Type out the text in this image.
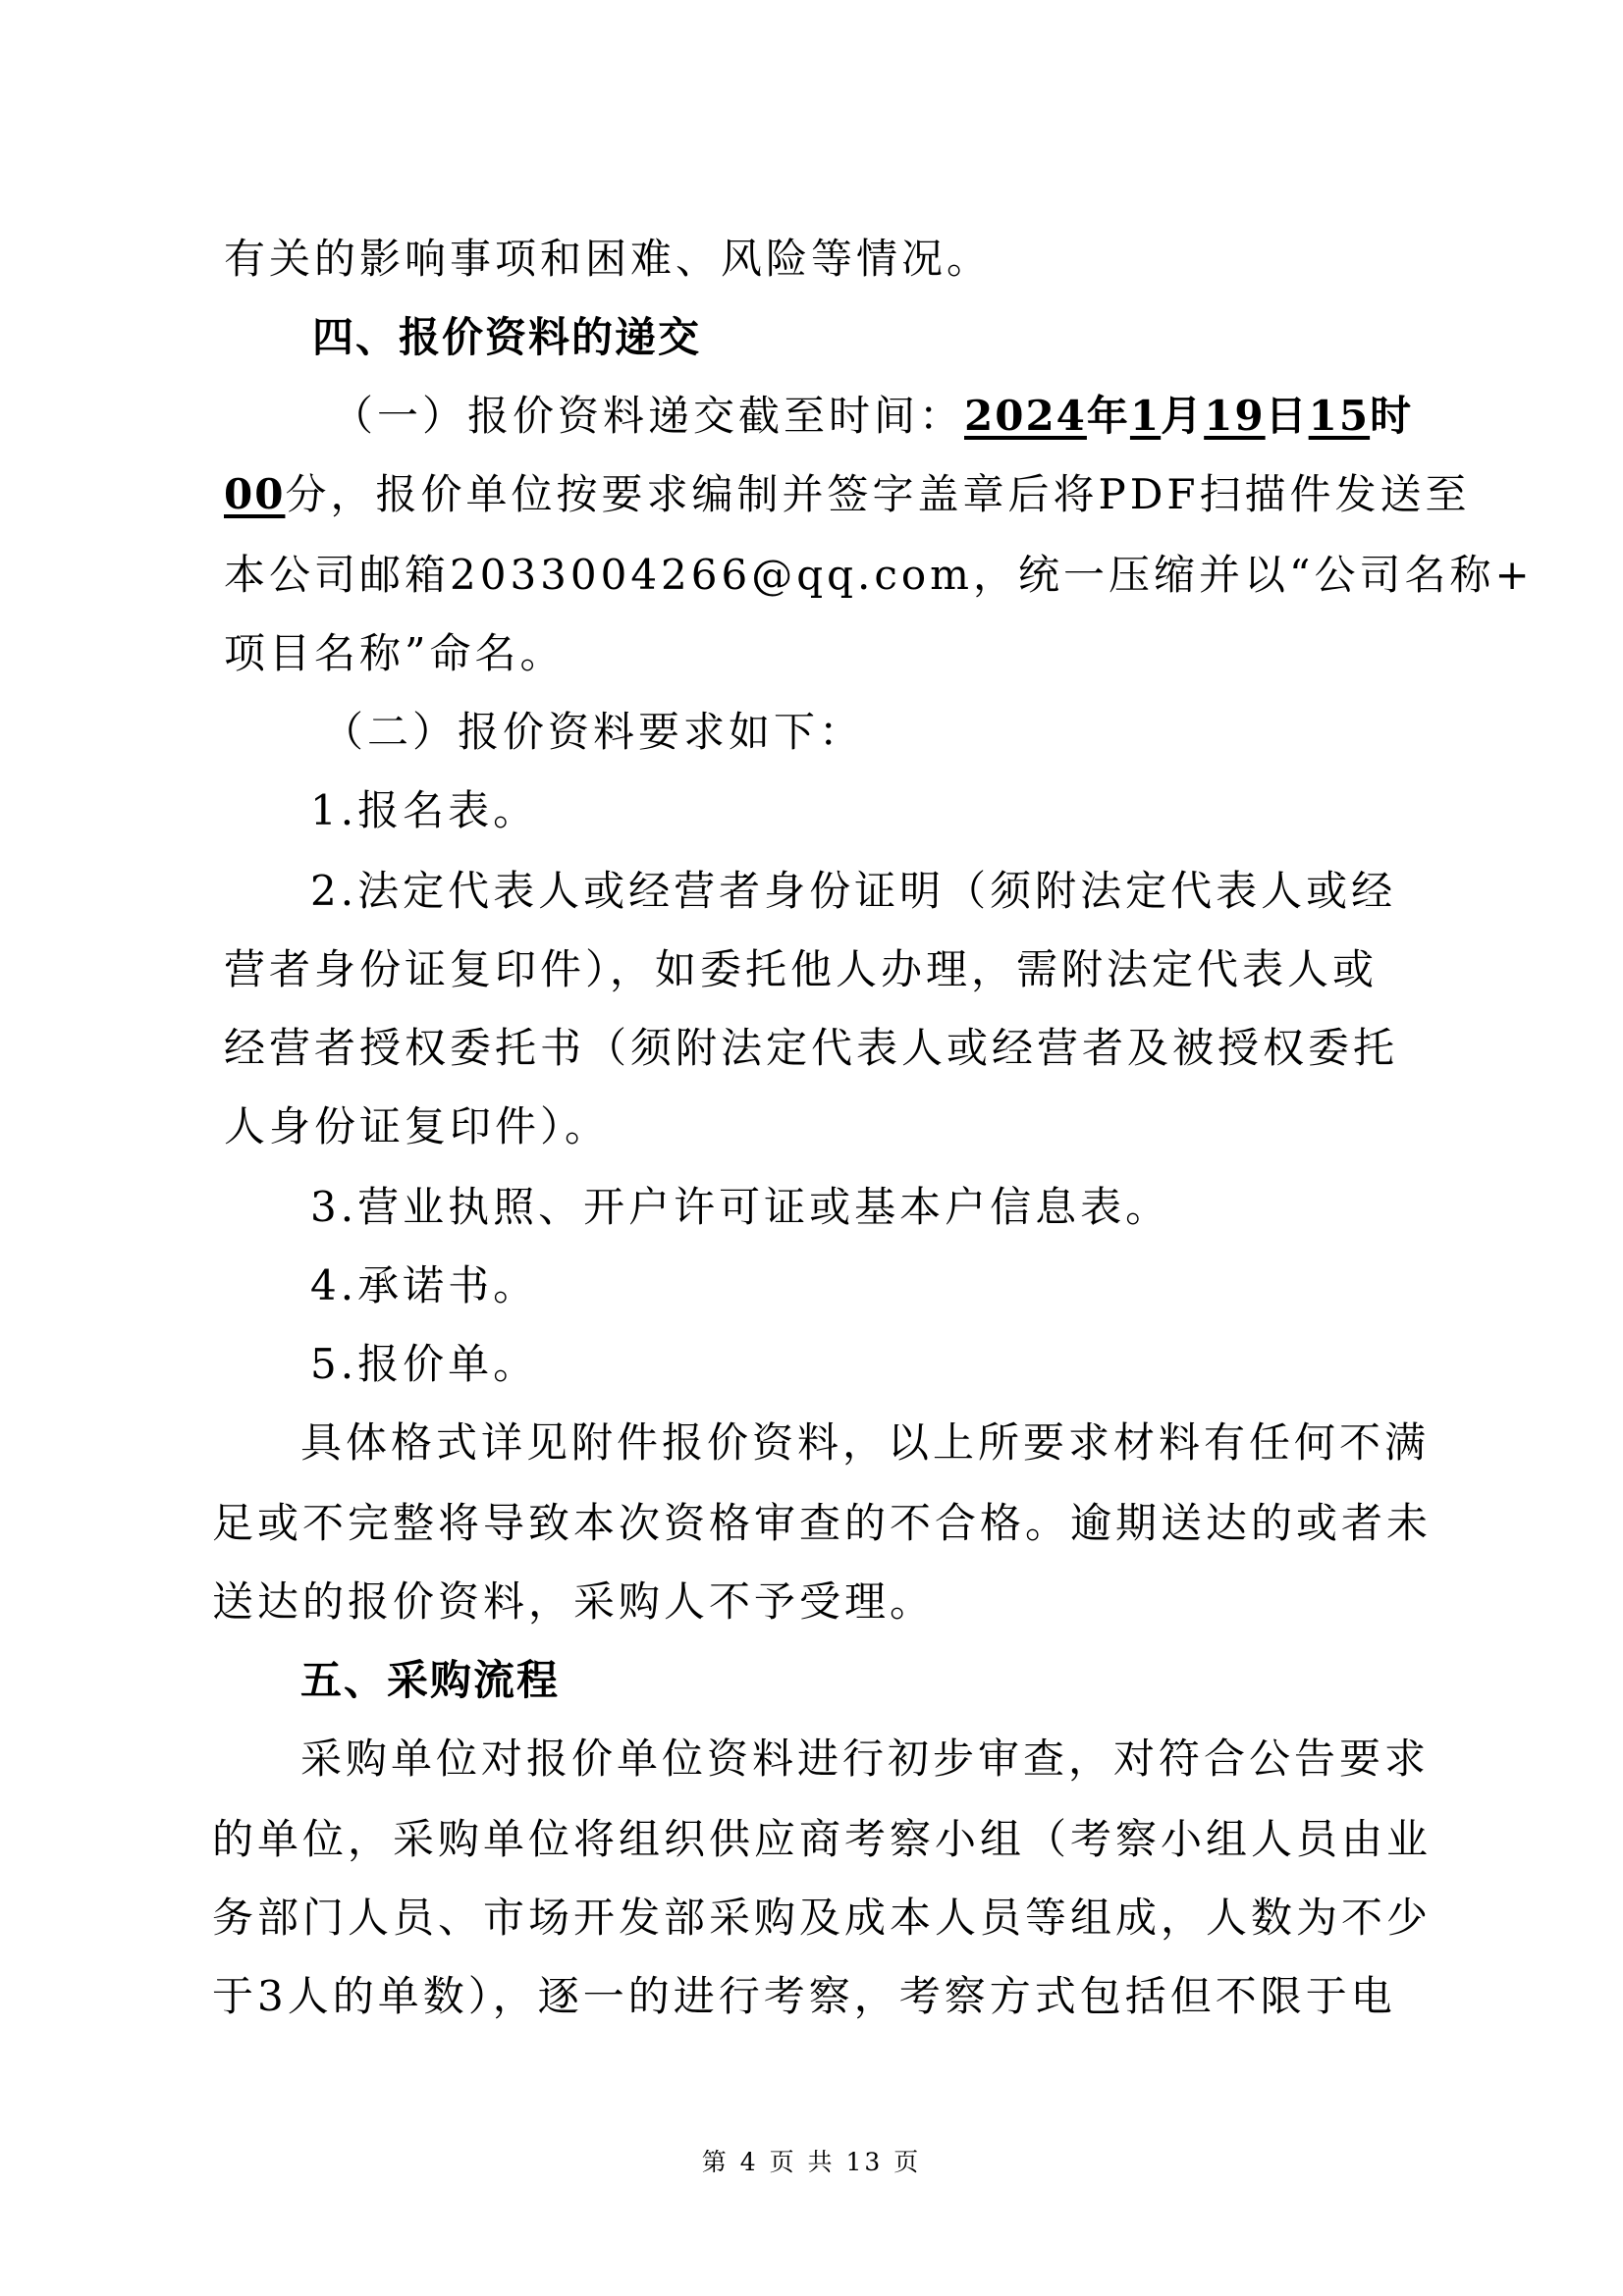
有关的影响事项和困难、风险等情况。
四、报价资料的递交
（一）报价资料递交截至时间：2024年1月19日15时
00分，报价单位按要求编制并签字盖章后将PDF扫描件发送至
本公司邮箱2033004266@qq.com，统一压缩并以“公司名称+
项目名称”命名。
（二）报价资料要求如下：
1.报名表。
2.法定代表人或经营者身份证明（须附法定代表人或经
营者身份证复印件），如委托他人办理，需附法定代表人或
经营者授权委托书（须附法定代表人或经营者及被授权委托
人身份证复印件）。
3.营业执照、开户许可证或基本户信息表。
4.承诺书。
5.报价单。
具体格式详见附件报价资料，以上所要求材料有任何不满
足或不完整将导致本次资格审查的不合格。逾期送达的或者未
送达的报价资料，采购人不予受理。
五、采购流程
采购单位对报价单位资料进行初步审查，对符合公告要求
的单位，采购单位将组织供应商考察小组（考察小组人员由业
务部门人员、市场开发部采购及成本人员等组成，人数为不少
于3人的单数），逐一的进行考察，考察方式包括但不限于电
第 4 页 共 13 页
